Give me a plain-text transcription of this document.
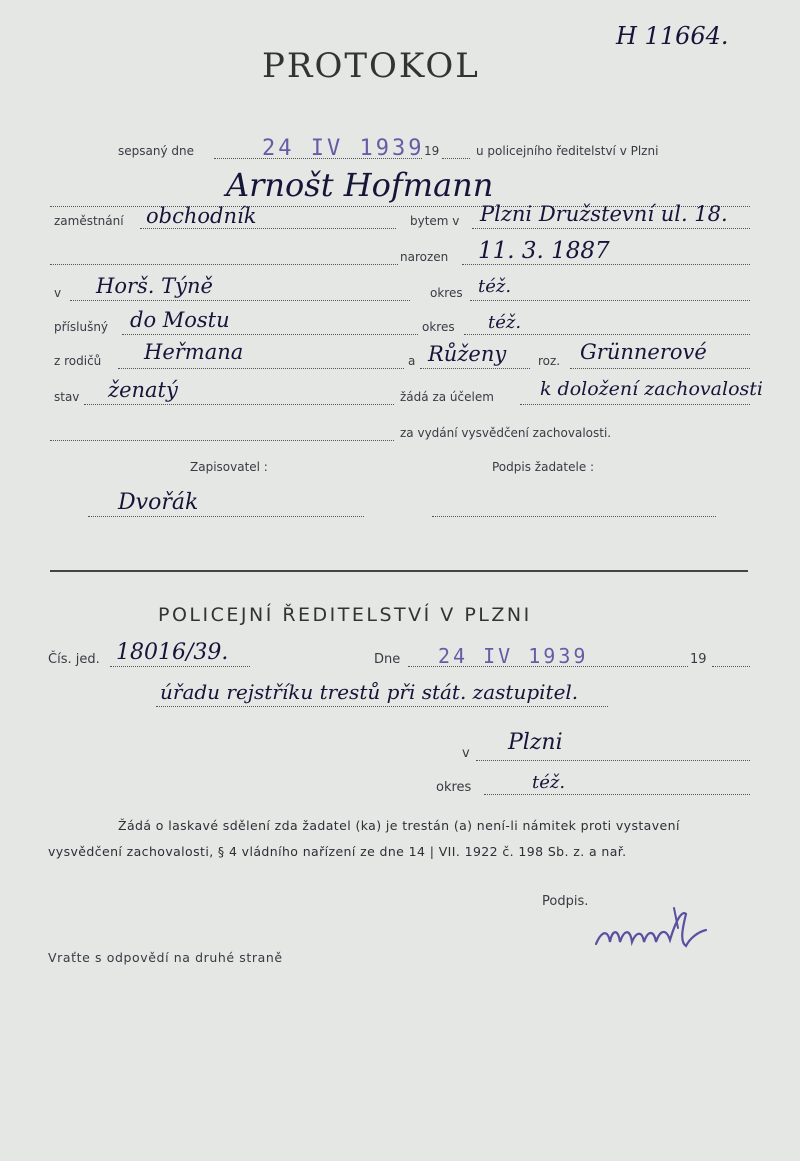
H 11664.
PROTOKOL
sepsaný dne	24 IV 1939 19	u policejního ředitelství v Plzni
Arnošt Hofmann
zaměstnání obchodník	bytem v Plzni Družstevní ul. 18.
narozen 11. 3. 1887
v Horš. Týně	okres též.
příslušný do Mostu	okres též.
z rodičů Heřmana	a Růženy	roz. Grünnerové
stav ženatý	žádá za účelem k doložení zachovalosti
za vydání vysvědčení zachovalosti.
Zapisovatel :	Podpis žadatele :
Dvořák
POLICEJNÍ ŘEDITELSTVÍ V PLZNI
Čís. jed. 18016/39.	Dne 24 IV 1939	19
úřadu rejstříku trestů při stát. zastupitel.
v Plzni
okres	též.
Žádá o laskavé sdělení zda žadatel (ka) je trestán (a) není-li námitek proti vystavení
vysvědčení zachovalosti, § 4 vládního nařízení ze dne 14 | VII. 1922 č. 198 Sb. z. a nař.
Podpis.
Vraťte s odpovědí na druhé straně
